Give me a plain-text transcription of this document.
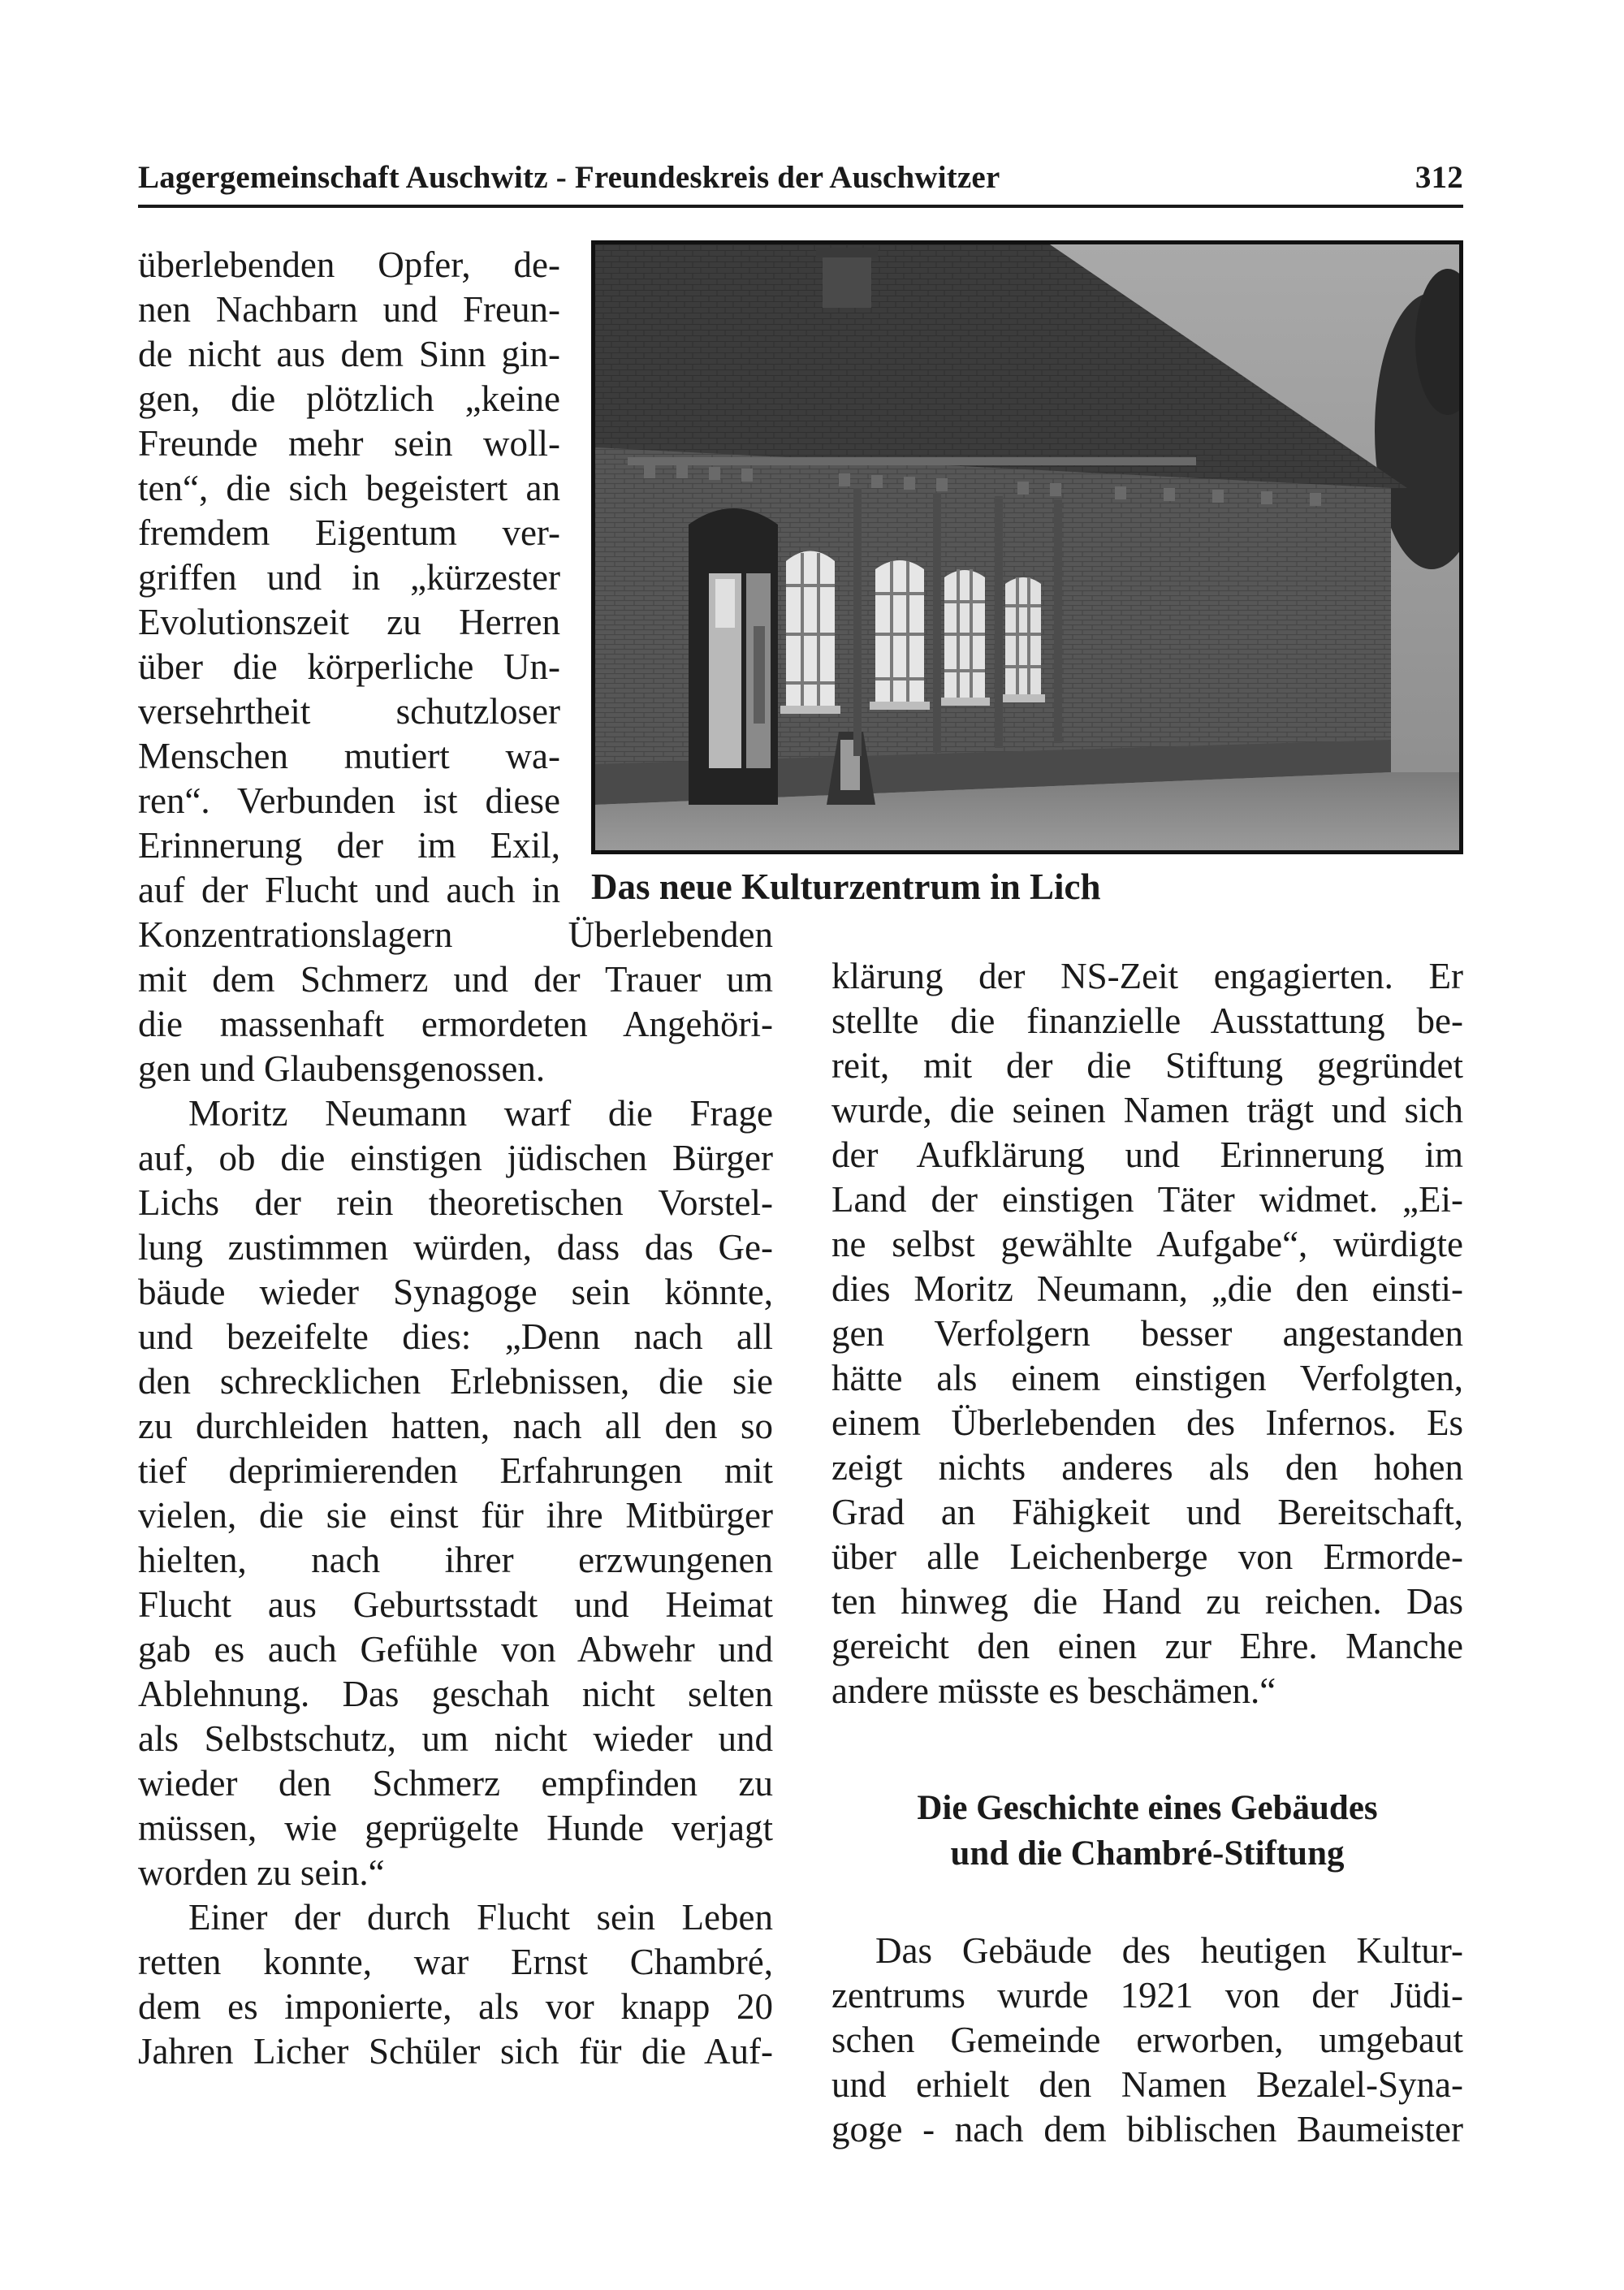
Lagergemeinschaft Auschwitz - Freundeskreis der Auschwitzer	312
Das neue Kulturzentrum in Lich
überlebenden Opfer, de-
nen Nachbarn und Freun-
de nicht aus dem Sinn gin-
gen, die plötzlich „keine
Freunde mehr sein woll-
ten“, die sich begeistert an
fremdem Eigentum ver-
griffen und in „kürzester
Evolutionszeit zu Herren
über die körperliche Un-
versehrtheit schutzloser
Menschen mutiert wa-
ren“. Verbunden ist diese
Erinnerung der im Exil,
auf der Flucht und auch in
Konzentrationslagern Überlebenden
mit dem Schmerz und der Trauer um
die massenhaft ermordeten Angehöri-
gen und Glaubensgenossen.
Moritz Neumann warf die Frage
auf, ob die einstigen jüdischen Bürger
Lichs der rein theoretischen Vorstel-
lung zustimmen würden, dass das Ge-
bäude wieder Synagoge sein könnte,
und bezeifelte dies: „Denn nach all
den schrecklichen Erlebnissen, die sie
zu durchleiden hatten, nach all den so
tief deprimierenden Erfahrungen mit
vielen, die sie einst für ihre Mitbürger
hielten, nach ihrer erzwungenen
Flucht aus Geburtsstadt und Heimat
gab es auch Gefühle von Abwehr und
Ablehnung. Das geschah nicht selten
als Selbstschutz, um nicht wieder und
wieder den Schmerz empfinden zu
müssen, wie geprügelte Hunde verjagt
worden zu sein.“
Einer der durch Flucht sein Leben
retten konnte, war Ernst Chambré,
dem es imponierte, als vor knapp 20
Jahren Licher Schüler sich für die Auf-
klärung der NS-Zeit engagierten. Er
stellte die finanzielle Ausstattung be-
reit, mit der die Stiftung gegründet
wurde, die seinen Namen trägt und sich
der Aufklärung und Erinnerung im
Land der einstigen Täter widmet. „Ei-
ne selbst gewählte Aufgabe“, würdigte
dies Moritz Neumann, „die den einsti-
gen Verfolgern besser angestanden
hätte als einem einstigen Verfolgten,
einem Überlebenden des Infernos. Es
zeigt nichts anderes als den hohen
Grad an Fähigkeit und Bereitschaft,
über alle Leichenberge von Ermorde-
ten hinweg die Hand zu reichen. Das
gereicht den einen zur Ehre. Manche
andere müsste es beschämen.“
Die Geschichte eines Gebäudes
und die Chambré-Stiftung
Das Gebäude des heutigen Kultur-
zentrums wurde 1921 von der Jüdi-
schen Gemeinde erworben, umgebaut
und erhielt den Namen Bezalel-Syna-
goge - nach dem biblischen Baumeister
